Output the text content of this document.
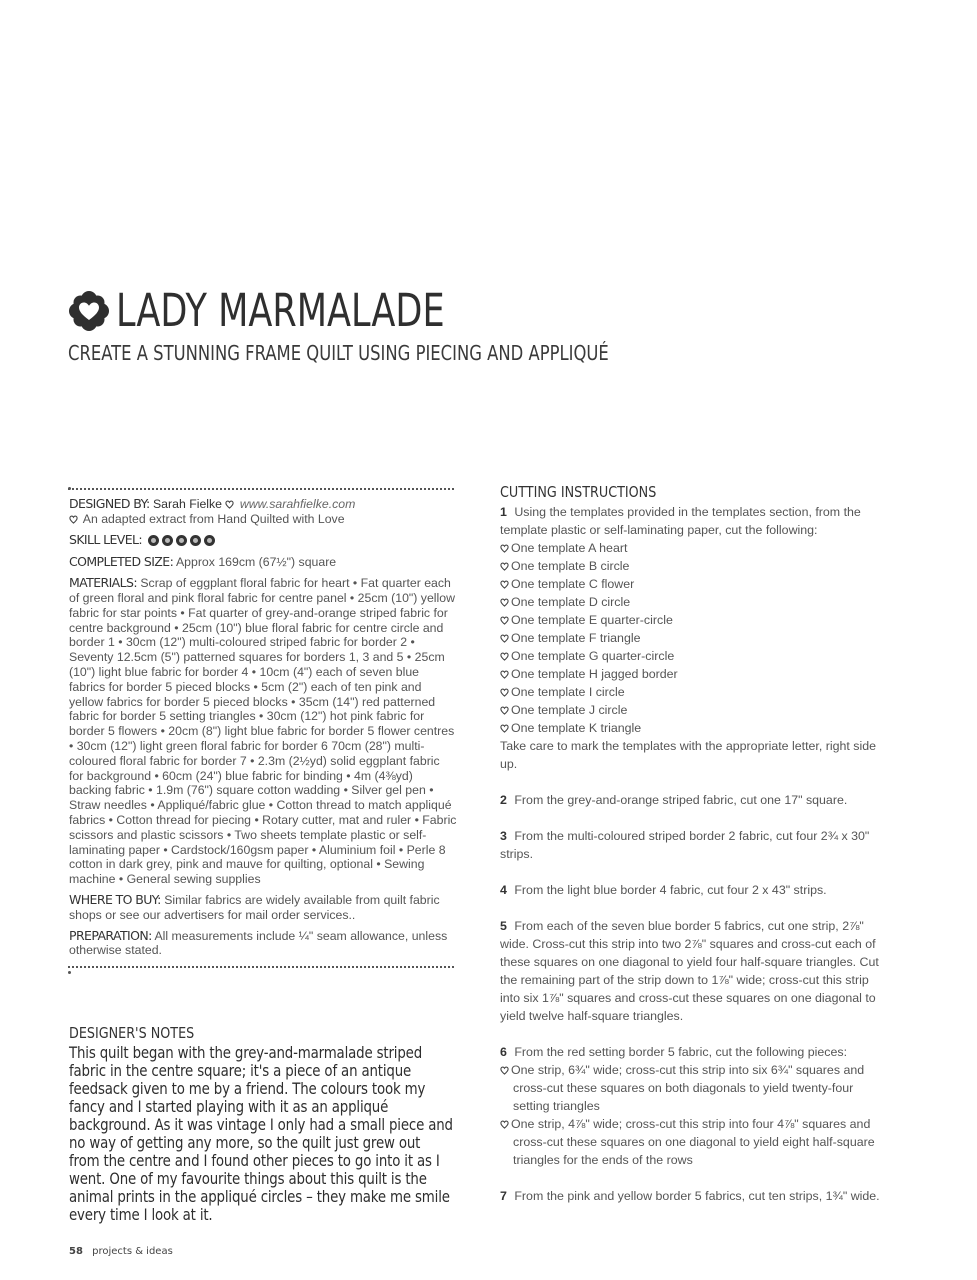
LADY MARMALADE
CREATE A STUNNING FRAME QUILT USING PIECING AND APPLIQUÉ

DESIGNED BY: Sarah Fielke www.sarahfielke.com
An adapted extract from Hand Quilted with Love

SKILL LEVEL:

COMPLETED SIZE: Approx 169cm (67½") square

MATERIALS: Scrap of eggplant floral fabric for heart • Fat quarter each of green floral and pink floral fabric for centre panel • 25cm (10") yellow fabric for star points • Fat quarter of grey-and-orange striped fabric for centre background • 25cm (10") blue floral fabric for centre circle and border 1 • 30cm (12") multi-coloured striped fabric for border 2 • Seventy 12.5cm (5") patterned squares for borders 1, 3 and 5 • 25cm (10") light blue fabric for border 4 • 10cm (4") each of seven blue fabrics for border 5 pieced blocks • 5cm (2") each of ten pink and yellow fabrics for border 5 pieced blocks • 35cm (14") red patterned fabric for border 5 setting triangles • 30cm (12") hot pink fabric for border 5 flowers • 20cm (8") light blue fabric for border 5 flower centres • 30cm (12") light green floral fabric for border 6 70cm (28") multi-coloured floral fabric for border 7 • 2.3m (2½yd) solid eggplant fabric for background • 60cm (24") blue fabric for binding • 4m (4⅜yd) backing fabric • 1.9m (76") square cotton wadding • Silver gel pen • Straw needles • Appliqué/fabric glue • Cotton thread to match appliqué fabrics • Cotton thread for piecing • Rotary cutter, mat and ruler • Fabric scissors and plastic scissors • Two sheets template plastic or self-laminating paper • Cardstock/160gsm paper • Aluminium foil • Perle 8 cotton in dark grey, pink and mauve for quilting, optional • Sewing machine • General sewing supplies

WHERE TO BUY: Similar fabrics are widely available from quilt fabric shops or see our advertisers for mail order services..

PREPARATION: All measurements include ¼" seam allowance, unless otherwise stated.

DESIGNER'S NOTES
This quilt began with the grey-and-marmalade striped fabric in the centre square; it's a piece of an antique feedsack given to me by a friend. The colours took my fancy and I started playing with it as an appliqué background. As it was vintage I only had a small piece and no way of getting any more, so the quilt just grew out from the centre and I found other pieces to go into it as I went. One of my favourite things about this quilt is the animal prints in the appliqué circles – they make me smile every time I look at it.
CUTTING INSTRUCTIONS

1 Using the templates provided in the templates section, from the template plastic or self-laminating paper, cut the following:

One template A heart

One template B circle

One template C flower

One template D circle

One template E quarter-circle

One template F triangle

One template G quarter-circle

One template H jagged border

One template I circle

One template J circle

One template K triangle

Take care to mark the templates with the appropriate letter, right side up.

2 From the grey-and-orange striped fabric, cut one 17" square.

3 From the multi-coloured striped border 2 fabric, cut four 2¾ x 30" strips.

4 From the light blue border 4 fabric, cut four 2 x 43" strips.

5 From each of the seven blue border 5 fabrics, cut one strip, 2⅞" wide. Cross-cut this strip into two 2⅞" squares and cross-cut each of these squares on one diagonal to yield four half-square triangles. Cut the remaining part of the strip down to 1⅞" wide; cross-cut this strip into six 1⅞" squares and cross-cut these squares on one diagonal to yield twelve half-square triangles.

6 From the red setting border 5 fabric, cut the following pieces:

One strip, 6¾" wide; cross-cut this strip into six 6¾" squares and cross-cut these squares on both diagonals to yield twenty-four setting triangles

One strip, 4⅞" wide; cross-cut this strip into four 4⅞" squares and cross-cut these squares on one diagonal to yield eight half-square triangles for the ends of the rows

7 From the pink and yellow border 5 fabrics, cut ten strips, 1¾" wide.

58 projects & ideas
